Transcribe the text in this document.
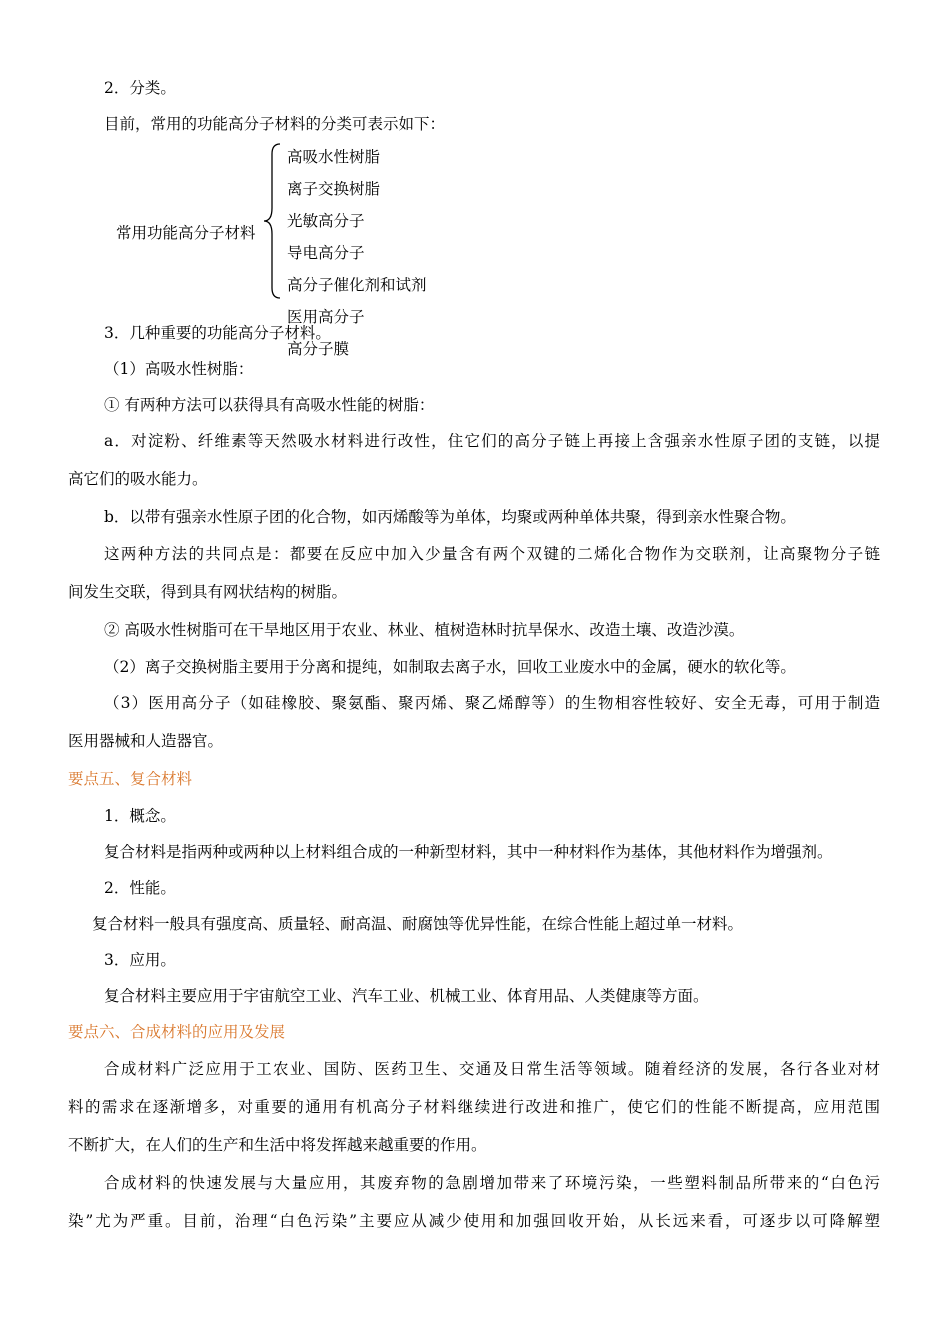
2．分类。

目前，常用的功能高分子材料的分类可表示如下：

常用功能高分子材料

高吸水性树脂

离子交换树脂

光敏高分子

导电高分子

高分子催化剂和试剂

医用高分子

高分子膜

3．几种重要的功能高分子材料。

（1）高吸水性树脂：

① 有两种方法可以获得具有高吸水性能的树脂：

a．对淀粉、纤维素等天然吸水材料进行改性，住它们的高分子链上再接上含强亲水性原子团的支链，以提

高它们的吸水能力。

b．以带有强亲水性原子团的化合物，如丙烯酸等为单体，均聚或两种单体共聚，得到亲水性聚合物。

这两种方法的共同点是：都要在反应中加入少量含有两个双键的二烯化合物作为交联剂，让高聚物分子链

间发生交联，得到具有网状结构的树脂。

② 高吸水性树脂可在干旱地区用于农业、林业、植树造林时抗旱保水、改造土壤、改造沙漠。

（2）离子交换树脂主要用于分离和提纯，如制取去离子水，回收工业废水中的金属，硬水的软化等。

（3）医用高分子（如硅橡胶、聚氨酯、聚丙烯、聚乙烯醇等）的生物相容性较好、安全无毒，可用于制造

医用器械和人造器官。

要点五、复合材料

1．概念。

复合材料是指两种或两种以上材料组合成的一种新型材料，其中一种材料作为基体，其他材料作为增强剂。

2．性能。

复合材料一般具有强度高、质量轻、耐高温、耐腐蚀等优异性能，在综合性能上超过单一材料。

3．应用。

复合材料主要应用于宇宙航空工业、汽车工业、机械工业、体育用品、人类健康等方面。

要点六、合成材料的应用及发展

合成材料广泛应用于工农业、国防、医药卫生、交通及日常生活等领域。随着经济的发展，各行各业对材

料的需求在逐渐增多，对重要的通用有机高分子材料继续进行改进和推广，使它们的性能不断提高，应用范围

不断扩大，在人们的生产和生活中将发挥越来越重要的作用。

合成材料的快速发展与大量应用，其废弃物的急剧增加带来了环境污染，一些塑料制品所带来的“白色污

染”尤为严重。目前，治理“白色污染”主要应从减少使用和加强回收开始，从长远来看，可逐步以可降解塑
